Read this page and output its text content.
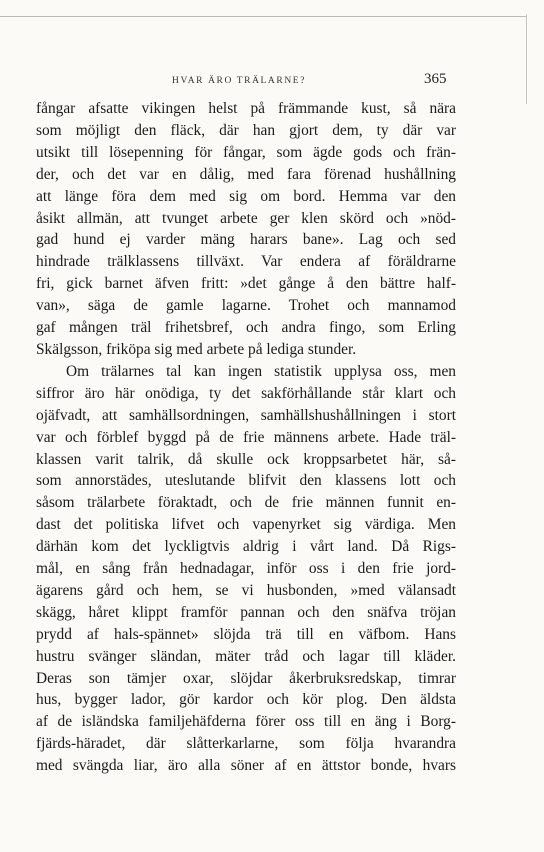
HVAR ÄRO TRÄLARNE?	365
fångar afsatte vikingen helst på främmande kust, så nära
som möjligt den fläck, där han gjort dem, ty där var
utsikt till lösepenning för fångar, som ägde gods och frän-
der, och det var en dålig, med fara förenad hushållning
att länge föra dem med sig om bord. Hemma var den
åsikt allmän, att tvunget arbete ger klen skörd och »nöd-
gad hund ej varder mäng harars bane». Lag och sed
hindrade trälklassens tillväxt. Var endera af föräldrarne
fri, gick barnet äfven fritt: »det gånge å den bättre half-
van», säga de gamle lagarne. Trohet och mannamod
gaf mången träl frihetsbref, och andra fingo, som Erling
Skälgsson, friköpa sig med arbete på lediga stunder.
Om trälarnes tal kan ingen statistik upplysa oss, men
siffror äro här onödiga, ty det sakförhållande står klart och
ojäfvadt, att samhällsordningen, samhällshushållningen i stort
var och förblef byggd på de frie männens arbete. Hade träl-
klassen varit talrik, då skulle ock kroppsarbetet här, så-
som annorstädes, uteslutande blifvit den klassens lott och
såsom trälarbete föraktadt, och de frie männen funnit en-
dast det politiska lifvet och vapenyrket sig värdiga. Men
därhän kom det lyckligtvis aldrig i vårt land. Då Rigs-
mål, en sång från hednadagar, inför oss i den frie jord-
ägarens gård och hem, se vi husbonden, »med välansadt
skägg, håret klippt framför pannan och den snäfva tröjan
prydd af hals-spännet» slöjda trä till en väfbom. Hans
hustru svänger sländan, mäter tråd och lagar till kläder.
Deras son tämjer oxar, slöjdar åkerbruksredskap, timrar
hus, bygger lador, gör kardor och kör plog. Den äldsta
af de isländska familjehäfderna förer oss till en äng i Borg-
fjärds-häradet, där slåtterkarlarne, som följa hvarandra
med svängda liar, äro alla söner af en ättstor bonde, hvars
